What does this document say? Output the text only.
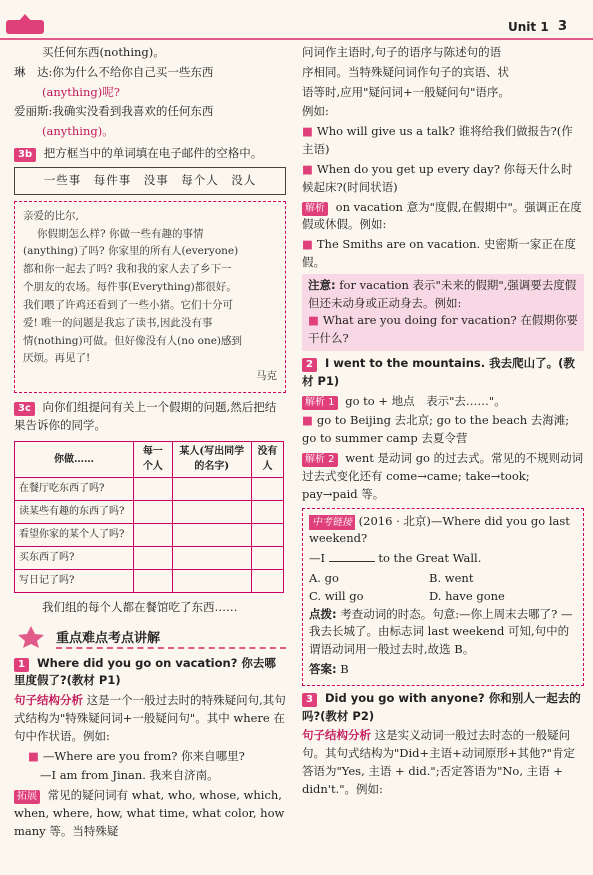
Unit 1 3
买任何东西(nothing)。
琳　达:你为什么不给你自己买一些东西
(anything)呢?
爱丽斯:我确实没看到我喜欢的任何东西
(anything)。
3b 把方框当中的单词填在电子邮件的空格中。
一些事　每件事　没事　每个人　没人
亲爱的比尔,
你假期怎么样? 你做一些有趣的事情
(anything)了吗? 你家里的所有人(everyone)
都和你一起去了吗? 我和我的家人去了乡下一
个朋友的农场。每件事(Everything)都很好。
我们喂了许鸡还看到了一些小猪。它们十分可
爱! 唯一的问题是我忘了读书,因此没有事
情(nothing)可做。但好像没有人(no one)感到
厌烦。再见了!
马克
3c 向你们组提问有关上一个假期的问题,然后把结果告诉你的同学。
你做……	每一个人	某人(写出同学的名字)	没有人
在餐厅吃东西了吗?			
读某些有趣的东西了吗?			
看望你家的某个人了吗?			
买东西了吗?			
写日记了吗?			
我们组的每个人都在餐馆吃了东西……
重点难点考点讲解
1 Where did you go on vacation? 你去哪里度假了?(教材 P1)
句子结构分析 这是一个一般过去时的特殊疑问句,其句式结构为"特殊疑问词+一般疑问句"。其中 where 在句中作状语。例如:
■ —Where are you from? 你来自哪里?
—I am from Jinan. 我来自济南。
拓展 常见的疑问词有 what, who, whose, which, when, where, how, what time, what color, how many 等。当特殊疑
问词作主语时,句子的语序与陈述句的语
序相同。当特殊疑问词作句子的宾语、状
语等时,应用"疑问词+一般疑问句"语序。
例如:
■ Who will give us a talk? 谁将给我们做报告?(作主语)
■ When do you get up every day? 你每天什么时候起床?(时间状语)
解析 on vacation 意为"度假,在假期中"。强调正在度假或休假。例如:
■ The Smiths are on vacation. 史密斯一家正在度假。
注意: for vacation 表示"未来的假期",强调要去度假但还未动身或正动身去。例如:
■ What are you doing for vacation? 在假期你要干什么?
2 I went to the mountains. 我去爬山了。(教材 P1)
解析 1 go to + 地点　表示"去……"。
■ go to Beijing 去北京; go to the beach 去海滩; go to summer camp 去夏令营
解析 2 went 是动词 go 的过去式。常见的不规则动词过去式变化还有 come→came; take→took; pay→paid 等。
中考链接 (2016 · 北京)—Where did you go last weekend?
—I	to the Great Wall.
A. go	B. went
C. will go	D. have gone
点拨: 考查动词的时态。句意:—你上周末去哪了? —我去长城了。由标志词 last weekend 可知,句中的谓语动词用一般过去时,故选 B。
答案: B
3 Did you go with anyone? 你和别人一起去的吗?(教材 P2)
句子结构分析 这是实义动词一般过去时态的一般疑问句。其句式结构为"Did+主语+动词原形+其他?"肯定答语为"Yes, 主语 + did.";否定答语为"No, 主语 + didn't."。例如:
